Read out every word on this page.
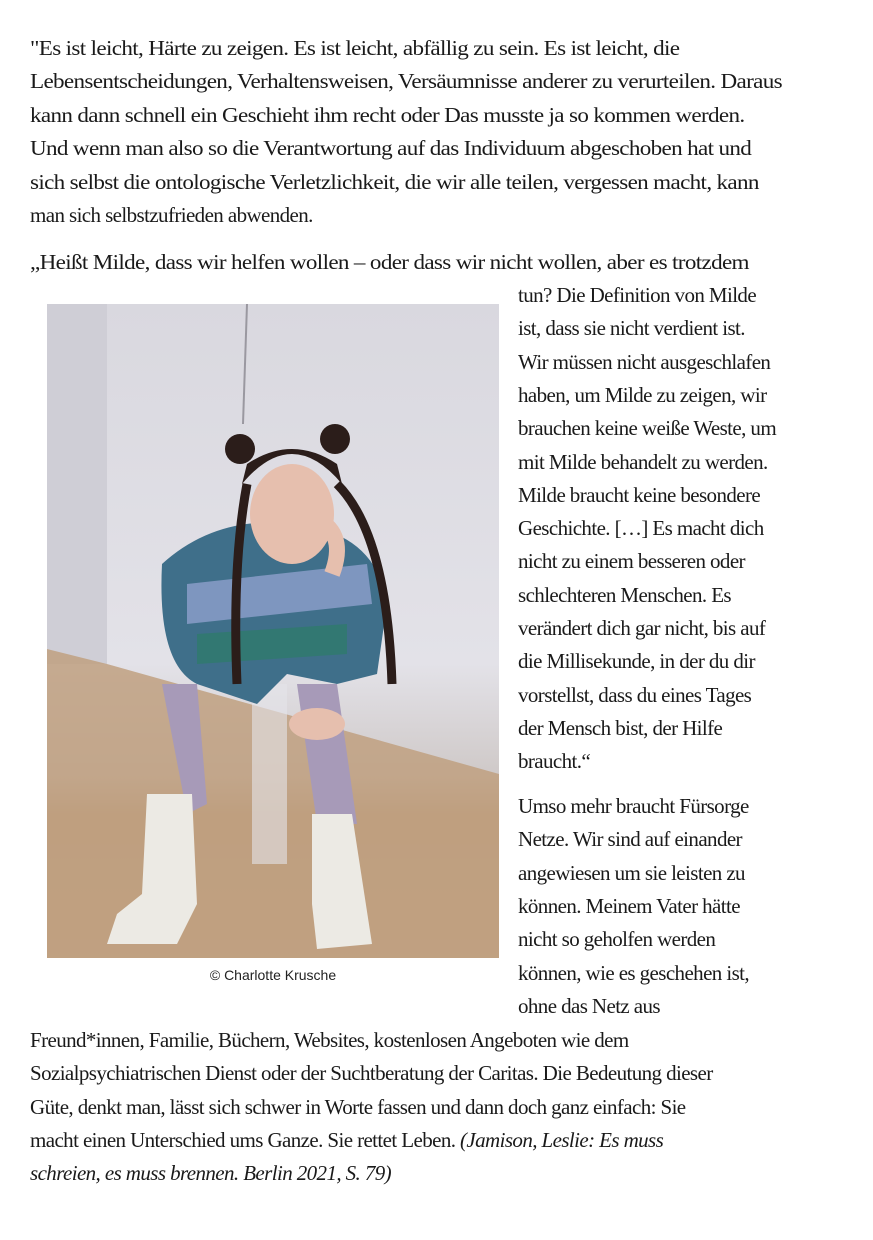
"Es ist leicht, Härte zu zeigen. Es ist leicht, abfällig zu sein. Es ist leicht, die
Lebensentscheidungen, Verhaltensweisen, Versäumnisse anderer zu verurteilen. Daraus
kann dann schnell ein Geschieht ihm recht oder Das musste ja so kommen werden.
Und wenn man also so die Verantwortung auf das Individuum abgeschoben hat und
sich selbst die ontologische Verletzlichkeit, die wir alle teilen, vergessen macht, kann
man sich selbstzufrieden abwenden.
„Heißt Milde, dass wir helfen wollen – oder dass wir nicht wollen, aber es trotzdem
tun? Die Definition von Milde
ist, dass sie nicht verdient ist.
Wir müssen nicht ausgeschlafen
haben, um Milde zu zeigen, wir
brauchen keine weiße Weste, um
mit Milde behandelt zu werden.
Milde braucht keine besondere
Geschichte. […] Es macht dich
nicht zu einem besseren oder
schlechteren Menschen. Es
verändert dich gar nicht, bis auf
die Millisekunde, in der du dir
vorstellst, dass du eines Tages
der Mensch bist, der Hilfe
braucht.“
Umso mehr braucht Fürsorge
Netze. Wir sind auf einander
angewiesen um sie leisten zu
können. Meinem Vater hätte
nicht so geholfen werden
können, wie es geschehen ist,
ohne das Netz aus
Freund*innen, Familie, Büchern, Websites, kostenlosen Angeboten wie dem
Sozialpsychiatrischen Dienst oder der Suchtberatung der Caritas. Die Bedeutung dieser
Güte, denkt man, lässt sich schwer in Worte fassen und dann doch ganz einfach: Sie
macht einen Unterschied ums Ganze. Sie rettet Leben. (Jamison, Leslie: Es muss
schreien, es muss brennen. Berlin 2021, S. 79)
© Charlotte Krusche
